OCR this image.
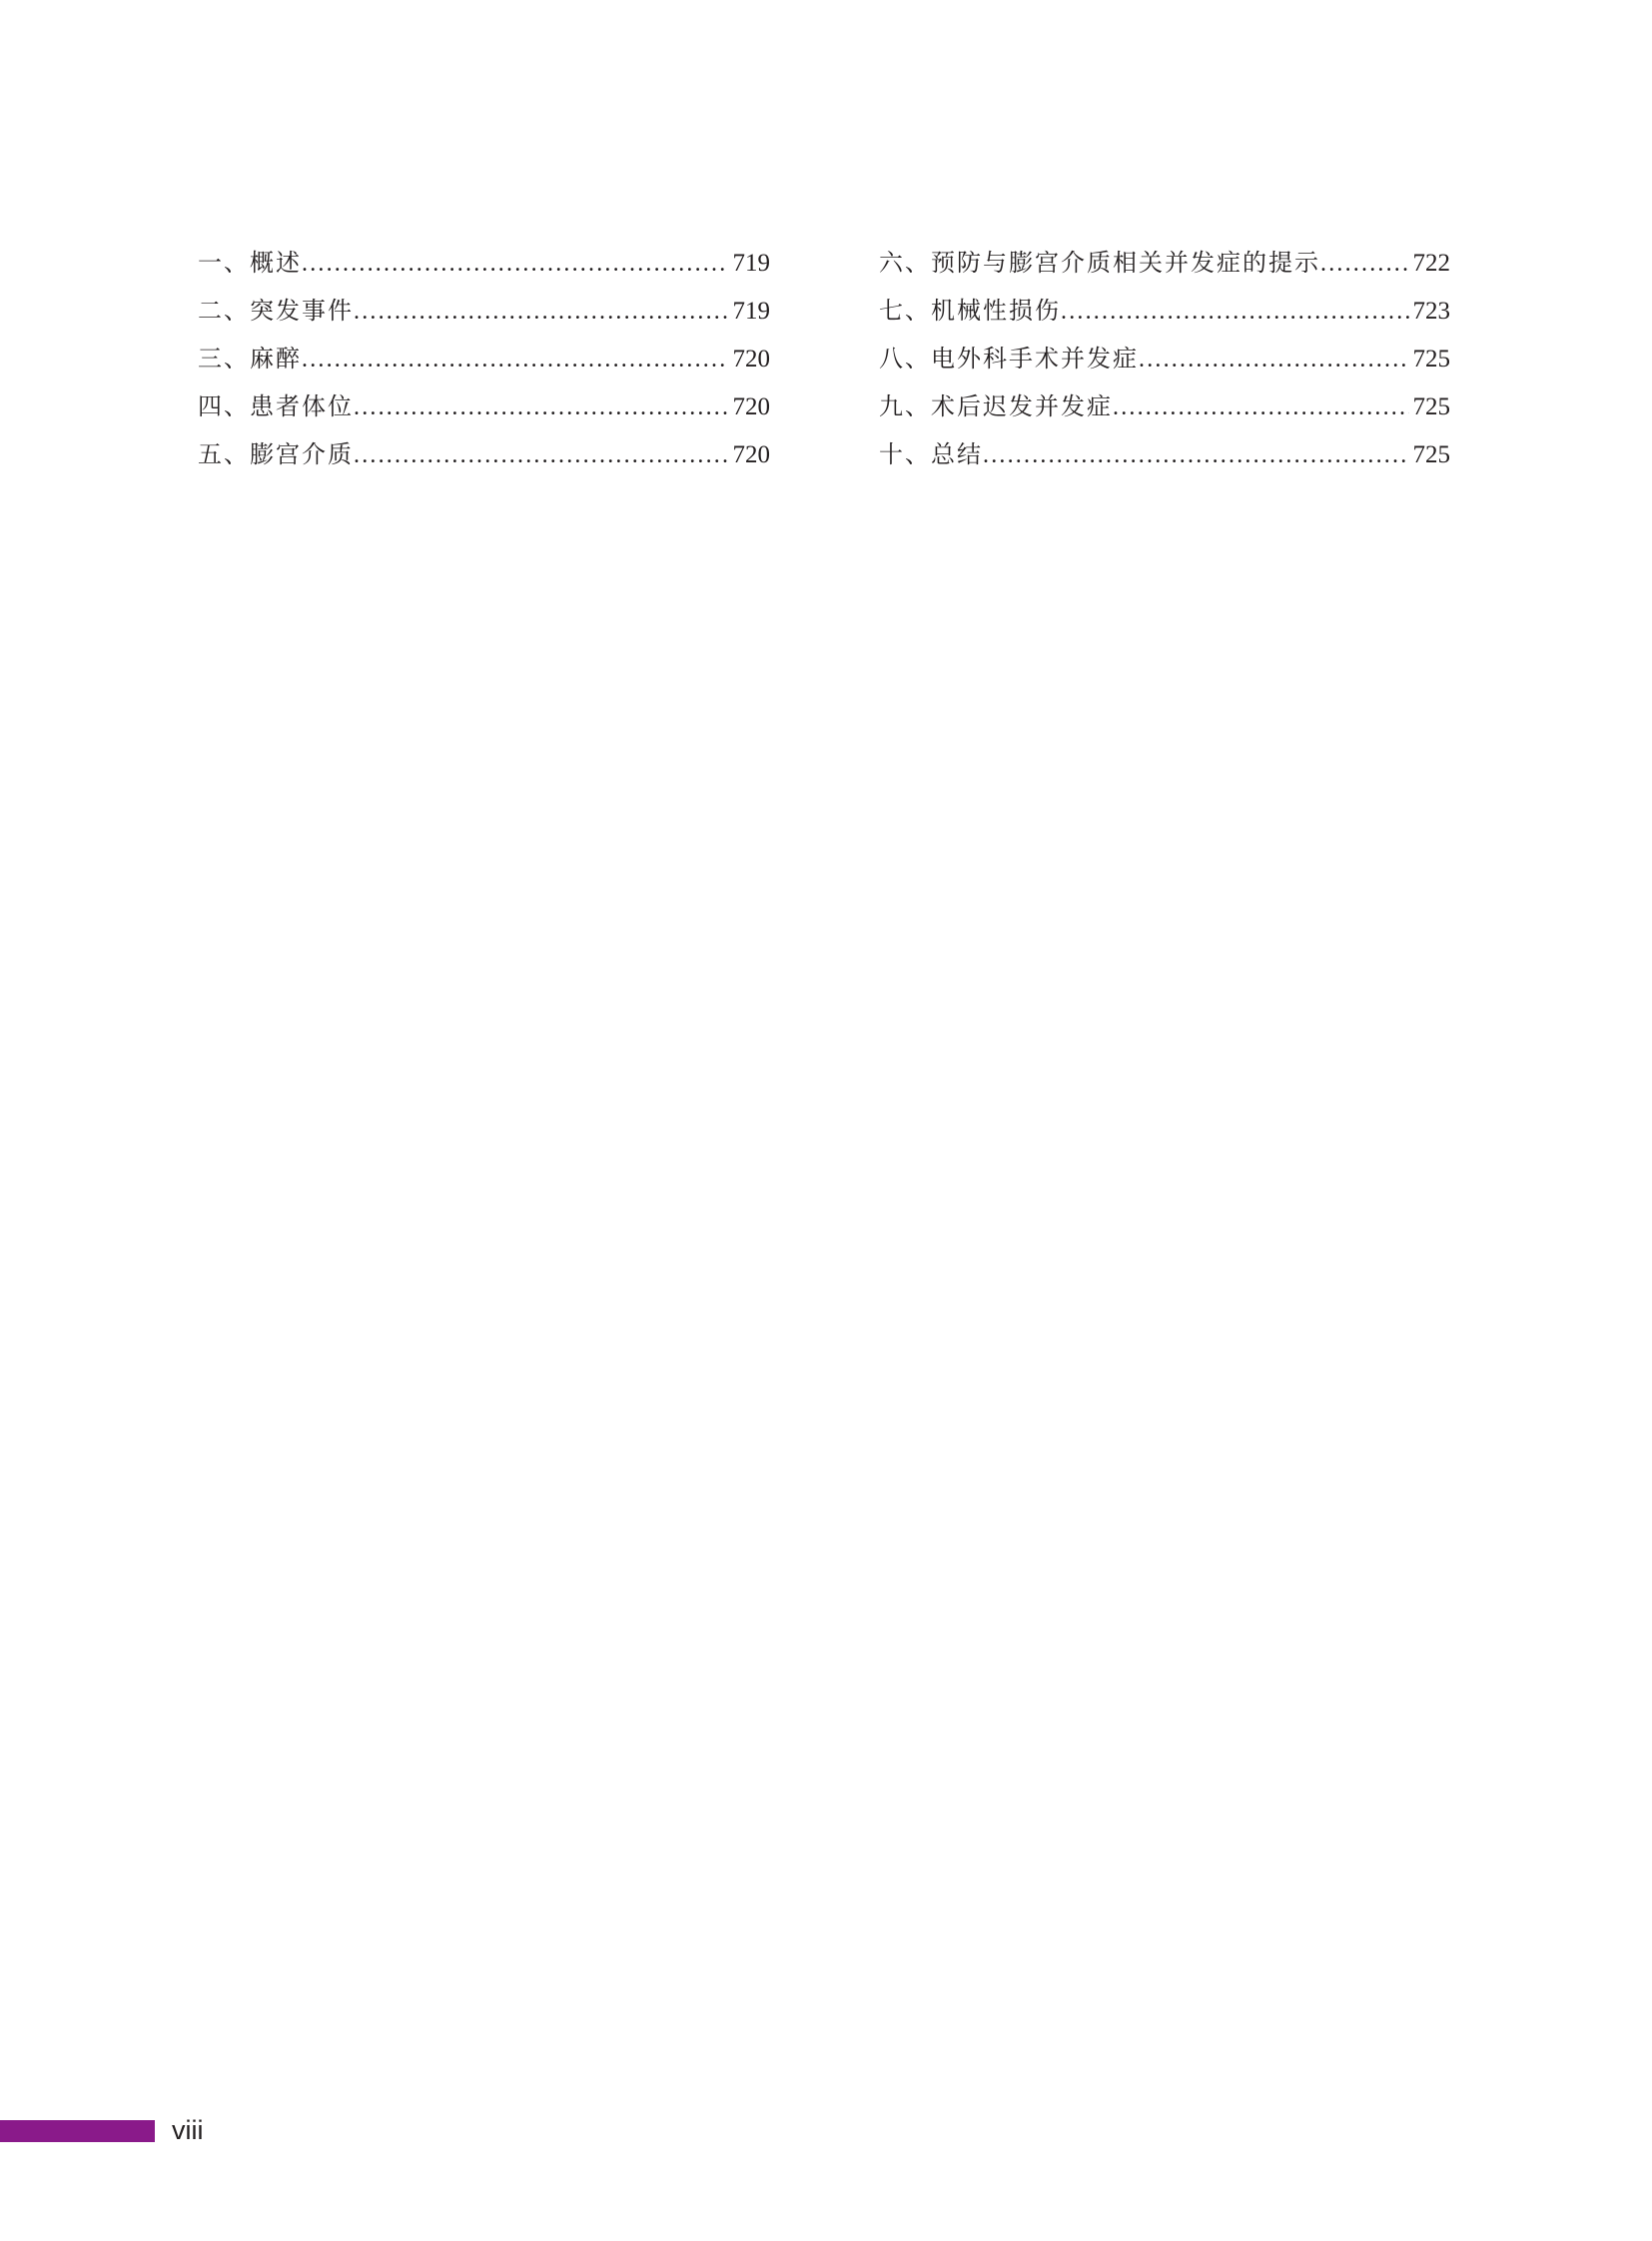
一、概述 .....	719
二、突发事件 .....	719
三、麻醉 .....	720
四、患者体位 .....	720
五、膨宫介质 .....	720
六、预防与膨宫介质相关并发症的提示 .....	722
七、机械性损伤 .....	723
八、电外科手术并发症 .....	725
九、术后迟发并发症 .....	725
十、总结 .....	725
viii
